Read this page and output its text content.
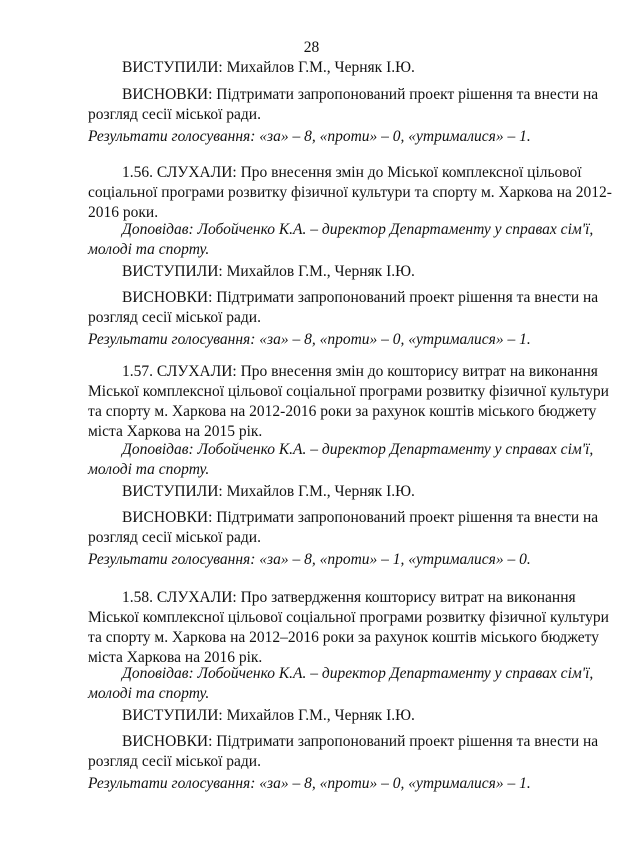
28
ВИСТУПИЛИ: Михайлов Г.М., Черняк І.Ю.
ВИСНОВКИ: Підтримати запропонований проект рішення та внести на
розгляд сесії міської ради.
Результати голосування: «за» – 8, «проти» – 0, «утрималися» – 1.
1.56. СЛУХАЛИ: Про внесення змін до Міської комплексної цільової
соціальної програми розвитку фізичної культури та спорту м. Харкова на 2012-
2016 роки.
Доповідав: Лобойченко К.А. – директор Департаменту у справах сім'ї,
молоді та спорту.
ВИСТУПИЛИ: Михайлов Г.М., Черняк І.Ю.
ВИСНОВКИ: Підтримати запропонований проект рішення та внести на
розгляд сесії міської ради.
Результати голосування: «за» – 8, «проти» – 0, «утрималися» – 1.
1.57. СЛУХАЛИ: Про внесення змін до кошторису витрат на виконання
Міської комплексної цільової соціальної програми розвитку фізичної культури
та спорту м. Харкова на 2012-2016 роки за рахунок коштів міського бюджету
міста Харкова на 2015 рік.
Доповідав: Лобойченко К.А. – директор Департаменту у справах сім'ї,
молоді та спорту.
ВИСТУПИЛИ: Михайлов Г.М., Черняк І.Ю.
ВИСНОВКИ: Підтримати запропонований проект рішення та внести на
розгляд сесії міської ради.
Результати голосування: «за» – 8, «проти» – 1, «утрималися» – 0.
1.58. СЛУХАЛИ: Про затвердження кошторису витрат на виконання
Міської комплексної цільової соціальної програми розвитку фізичної культури
та спорту м. Харкова на 2012–2016 роки за рахунок коштів міського бюджету
міста Харкова на 2016 рік.
Доповідав: Лобойченко К.А. – директор Департаменту у справах сім'ї,
молоді та спорту.
ВИСТУПИЛИ: Михайлов Г.М., Черняк І.Ю.
ВИСНОВКИ: Підтримати запропонований проект рішення та внести на
розгляд сесії міської ради.
Результати голосування: «за» – 8, «проти» – 0, «утрималися» – 1.
